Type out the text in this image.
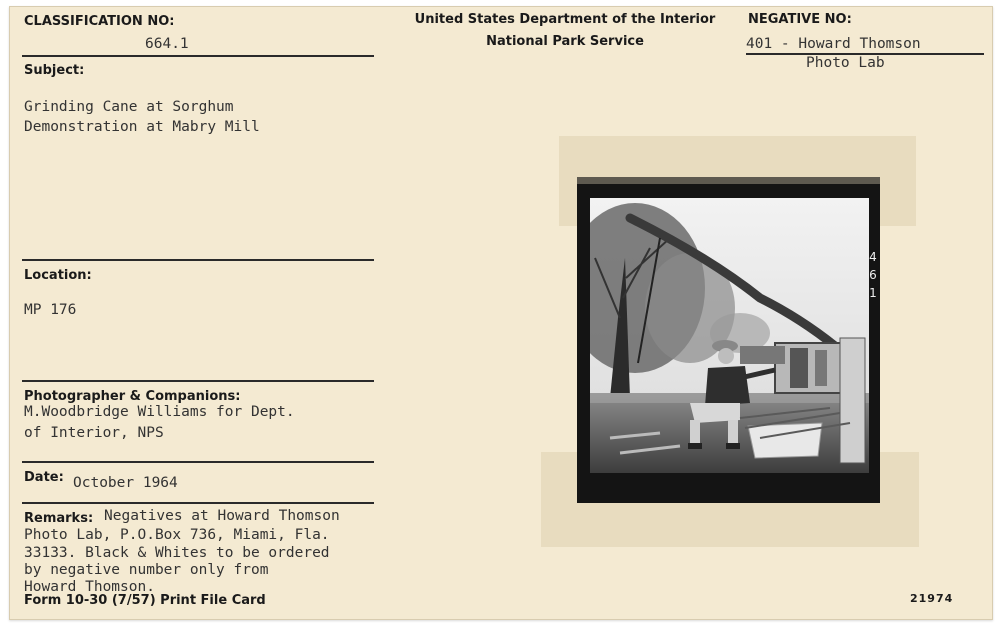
CLASSIFICATION NO:
664.1
United States Department of the Interior
National Park Service
NEGATIVE NO:
401 - Howard Thomson
Photo Lab
Subject:
Grinding Cane at Sorghum
Demonstration at Mabry Mill
Location:
MP 176
Photographer & Companions:
M.Woodbridge Williams for Dept.
of Interior, NPS
Date: October 1964
Remarks: Negatives at Howard Thomson
Photo Lab, P.O.Box 736, Miami, Fla.
33133. Black & Whites to be ordered
by negative number only from
Howard Thomson.
Form 10-30 (7/57) Print File Card	21974
461
